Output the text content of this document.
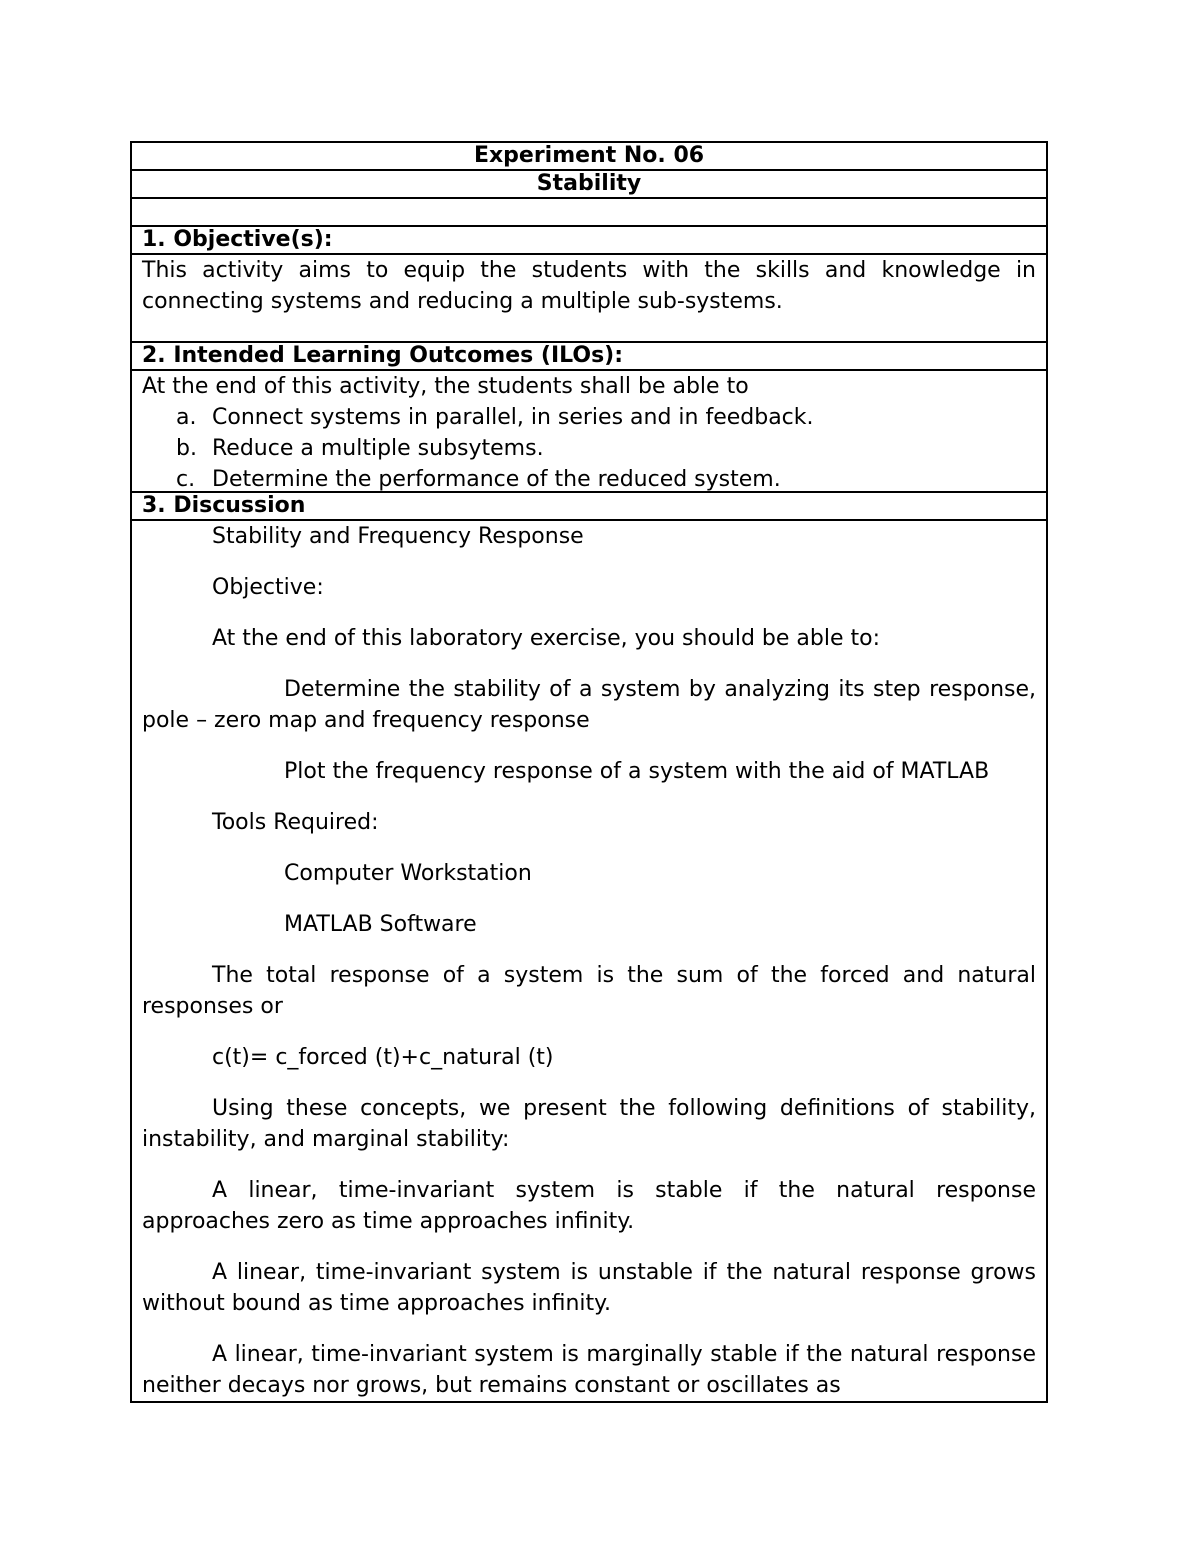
Experiment No. 06
Stability
1. Objective(s):
This activity aims to equip the students with the skills and knowledge in connecting systems and reducing a multiple sub-systems.
2. Intended Learning Outcomes (ILOs):
At the end of this activity, the students shall be able to
a. Connect systems in parallel, in series and in feedback.
b. Reduce a multiple subsytems.
c. Determine the performance of the reduced system.
3. Discussion

Stability and Frequency Response

Objective:

At the end of this laboratory exercise, you should be able to:

Determine the stability of a system by analyzing its step response, pole – zero map and frequency response

Plot the frequency response of a system with the aid of MATLAB

Tools Required:

Computer Workstation

MATLAB Software

The total response of a system is the sum of the forced and natural responses or

c(t)= c_forced (t)+c_natural (t)

Using these concepts, we present the following definitions of stability, instability, and marginal stability:

A linear, time-invariant system is stable if the natural response approaches zero as time approaches infinity.

A linear, time-invariant system is unstable if the natural response grows without bound as time approaches infinity.

A linear, time-invariant system is marginally stable if the natural response neither decays nor grows, but remains constant or oscillates as
